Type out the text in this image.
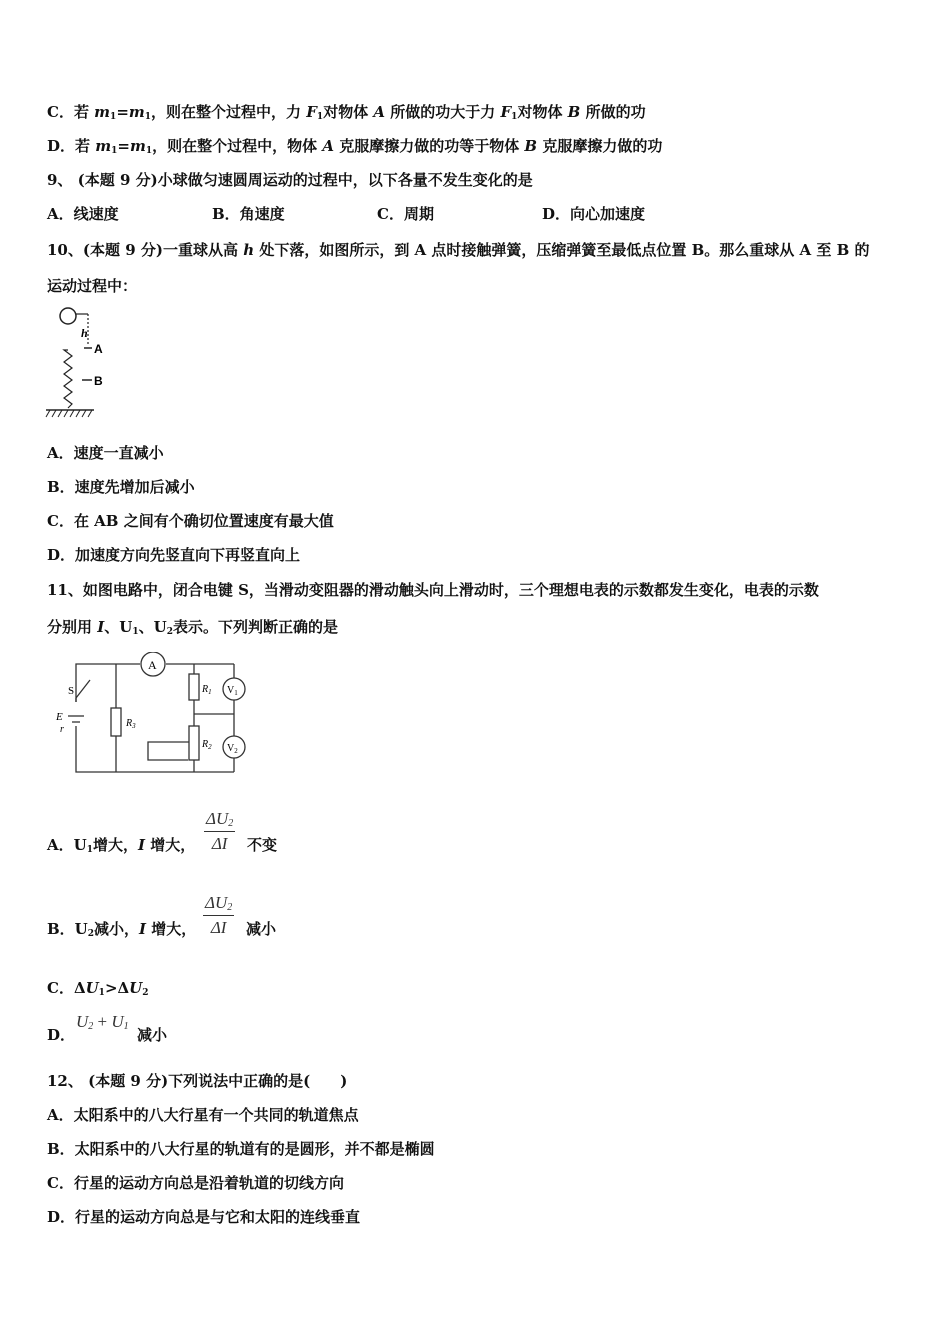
C．若 $m_1=m_1$，则在整个过程中，力 $F_1$对物体 A 所做的功大于力 $F_1$对物体 B 所做的功
D．若 $m_1=m_1$，则在整个过程中，物体 A 克服摩擦力做的功等于物体 B 克服摩擦力做的功
9、 (本题 9 分)小球做匀速圆周运动的过程中，以下各量不发生变化的是
A．线速度	B．角速度	C．周期	D．向心加速度
10、(本题 9 分)一重球从高 h 处下落，如图所示，到 A 点时接触弹簧，压缩弹簧至最低点位置 B。那么重球从 A 至 B 的
运动过程中：
h
A
B
A．速度一直减小
B．速度先增加后减小
C．在 AB 之间有个确切位置速度有最大值
D．加速度方向先竖直向下再竖直向上
11、如图电路中，闭合电键 S，当滑动变阻器的滑动触头向上滑动时，三个理想电表的示数都发生变化，电表的示数
分别用 I、$U_1$、$U_2$表示。下列判断正确的是
A
$V_1$
$V_2$
S
E
r
$R_3$
$R_1$
$R_2$
A．$U_1$增大，I 增大， $\frac{\Delta U_2}{\Delta I}$ 不变
B．$U_2$减小，I 增大， $\frac{\Delta U_2}{\Delta I}$ 减小
C．$\Delta U_1>\Delta U_2$
D．
$U_2 + U_1$ 减小
12、 (本题 9 分)下列说法中正确的是(　　)
A．太阳系中的八大行星有一个共同的轨道焦点
B．太阳系中的八大行星的轨道有的是圆形，并不都是椭圆
C．行星的运动方向总是沿着轨道的切线方向
D．行星的运动方向总是与它和太阳的连线垂直
